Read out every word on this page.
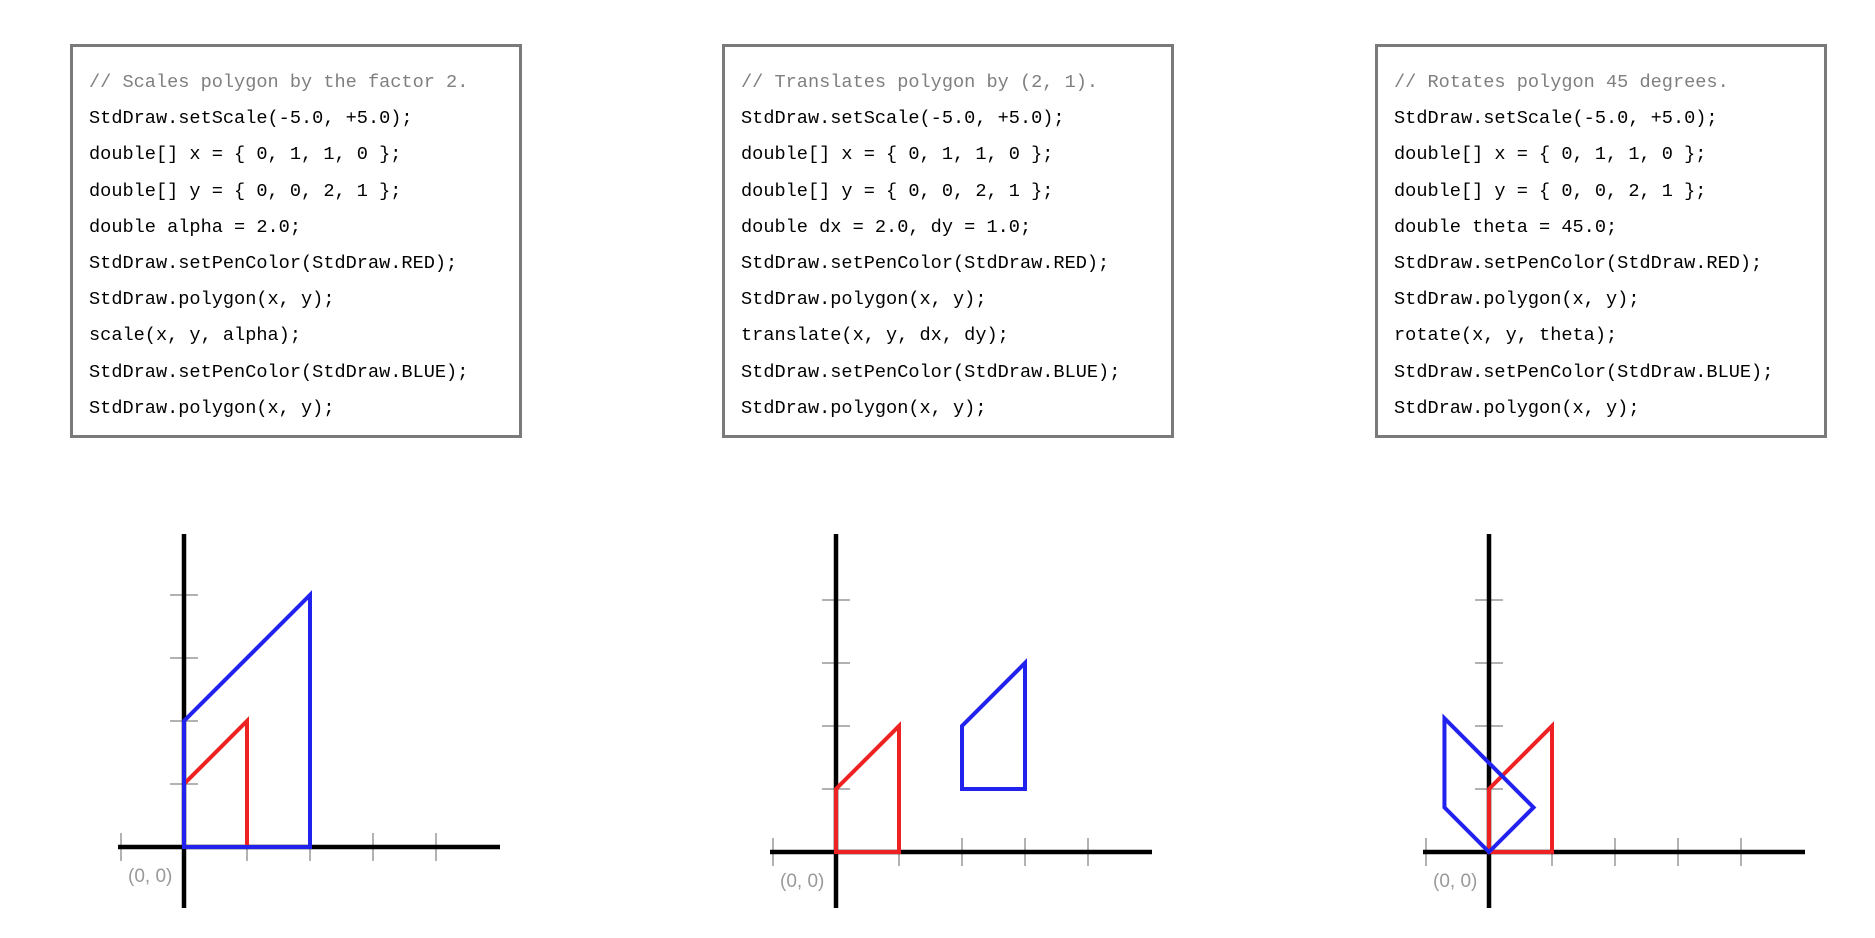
// Scales polygon by the factor 2.
StdDraw.setScale(-5.0, +5.0);
double[] x = { 0, 1, 1, 0 };
double[] y = { 0, 0, 2, 1 };
double alpha = 2.0;
StdDraw.setPenColor(StdDraw.RED);
StdDraw.polygon(x, y);
scale(x, y, alpha);
StdDraw.setPenColor(StdDraw.BLUE);
StdDraw.polygon(x, y);
(0, 0)
// Translates polygon by (2, 1).
StdDraw.setScale(-5.0, +5.0);
double[] x = { 0, 1, 1, 0 };
double[] y = { 0, 0, 2, 1 };
double dx = 2.0, dy = 1.0;
StdDraw.setPenColor(StdDraw.RED);
StdDraw.polygon(x, y);
translate(x, y, dx, dy);
StdDraw.setPenColor(StdDraw.BLUE);
StdDraw.polygon(x, y);
(0, 0)
// Rotates polygon 45 degrees.
StdDraw.setScale(-5.0, +5.0);
double[] x = { 0, 1, 1, 0 };
double[] y = { 0, 0, 2, 1 };
double theta = 45.0;
StdDraw.setPenColor(StdDraw.RED);
StdDraw.polygon(x, y);
rotate(x, y, theta);
StdDraw.setPenColor(StdDraw.BLUE);
StdDraw.polygon(x, y);
(0, 0)
